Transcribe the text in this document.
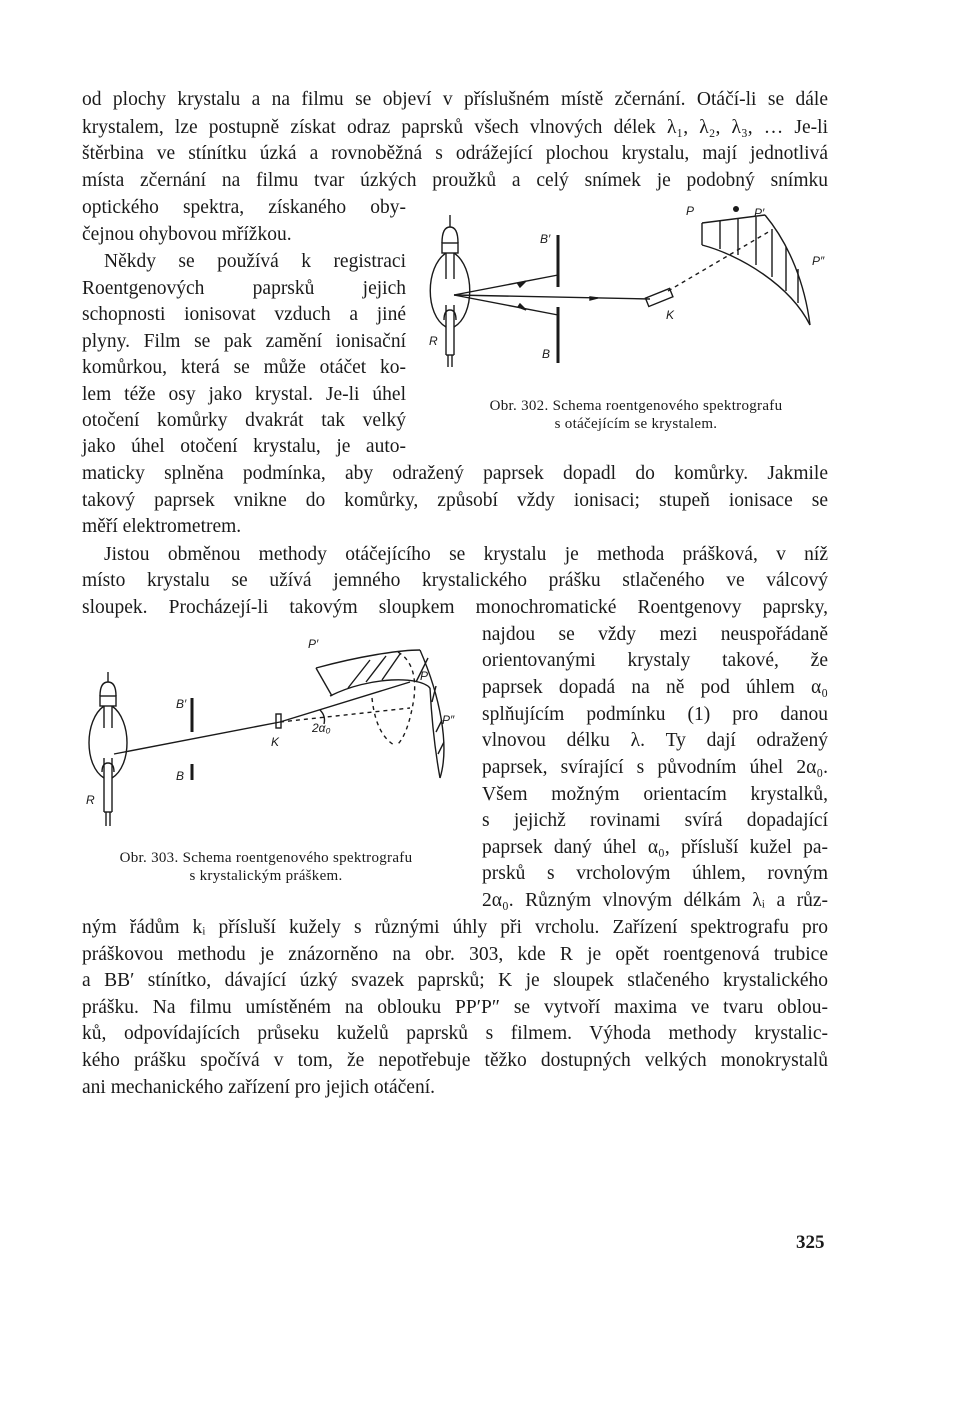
od plochy krystalu a na filmu se objeví v příslušném místě zčernání. Otáčí-li se dále
krystalem, lze postupně získat odraz paprsků všech vlnových délek λ₁, λ₂, λ₃, … Je-li
štěrbina ve stínítku úzká a rovnoběžná s odrážející plochou krystalu, mají jednotlivá
místa zčernání na filmu tvar úzkých proužků a celý snímek je podobný snímku
optického spektra, získaného oby-
čejnou ohybovou mřížkou.
Někdy se používá k registraci
Roentgenových paprsků jejich
schopnosti ionisovat vzduch a jiné
plyny. Film se pak zamění ionisační
komůrkou, která se může otáčet ko-
lem téže osy jako krystal. Je-li úhel
otočení komůrky dvakrát tak velký
jako úhel otočení krystalu, je auto-
B′
B
R
K
P	P′
P″
Obr. 302. Schema roentgenového spektrografu
s otáčejícím se krystalem.
maticky splněna podmínka, aby odražený paprsek dopadl do komůrky. Jakmile
takový paprsek vnikne do komůrky, způsobí vždy ionisaci; stupeň ionisace se
měří elektrometrem.
Jistou obměnou methody otáčejícího se krystalu je methoda prášková, v níž
místo krystalu se užívá jemného krystalického prášku stlačeného ve válcový
sloupek. Procházejí-li takovým sloupkem monochromatické Roentgenovy paprsky,
B′
B
R
K
P′
P
P″
2α₀
Obr. 303. Schema roentgenového spektrografu
s krystalickým práškem.
najdou se vždy mezi neuspořádaně
orientovanými krystaly takové, že
paprsek dopadá na ně pod úhlem α₀
splňujícím podmínku (1) pro danou
vlnovou délku λ. Ty dají odražený
paprsek, svírající s původním úhel 2α₀.
Všem možným orientacím krystalků,
s jejichž rovinami svírá dopadající
paprsek daný úhel α₀, přísluší kužel pa-
prsků s vrcholovým úhlem, rovným
2α₀. Různým vlnovým délkám λᵢ a růz-
ným řádům kᵢ přísluší kužely s různými úhly při vrcholu. Zařízení spektrografu pro
práškovou methodu je znázorněno na obr. 303, kde R je opět roentgenová trubice
a BB′ stínítko, dávající úzký svazek paprsků; K je sloupek stlačeného krystalického
prášku. Na filmu umístěném na oblouku PP′P″ se vytvoří maxima ve tvaru oblou-
ků, odpovídajících průseku kuželů paprsků s filmem. Výhoda methody krystalic-
kého prášku spočívá v tom, že nepotřebuje těžko dostupných velkých monokrystalů
ani mechanického zařízení pro jejich otáčení.
325
